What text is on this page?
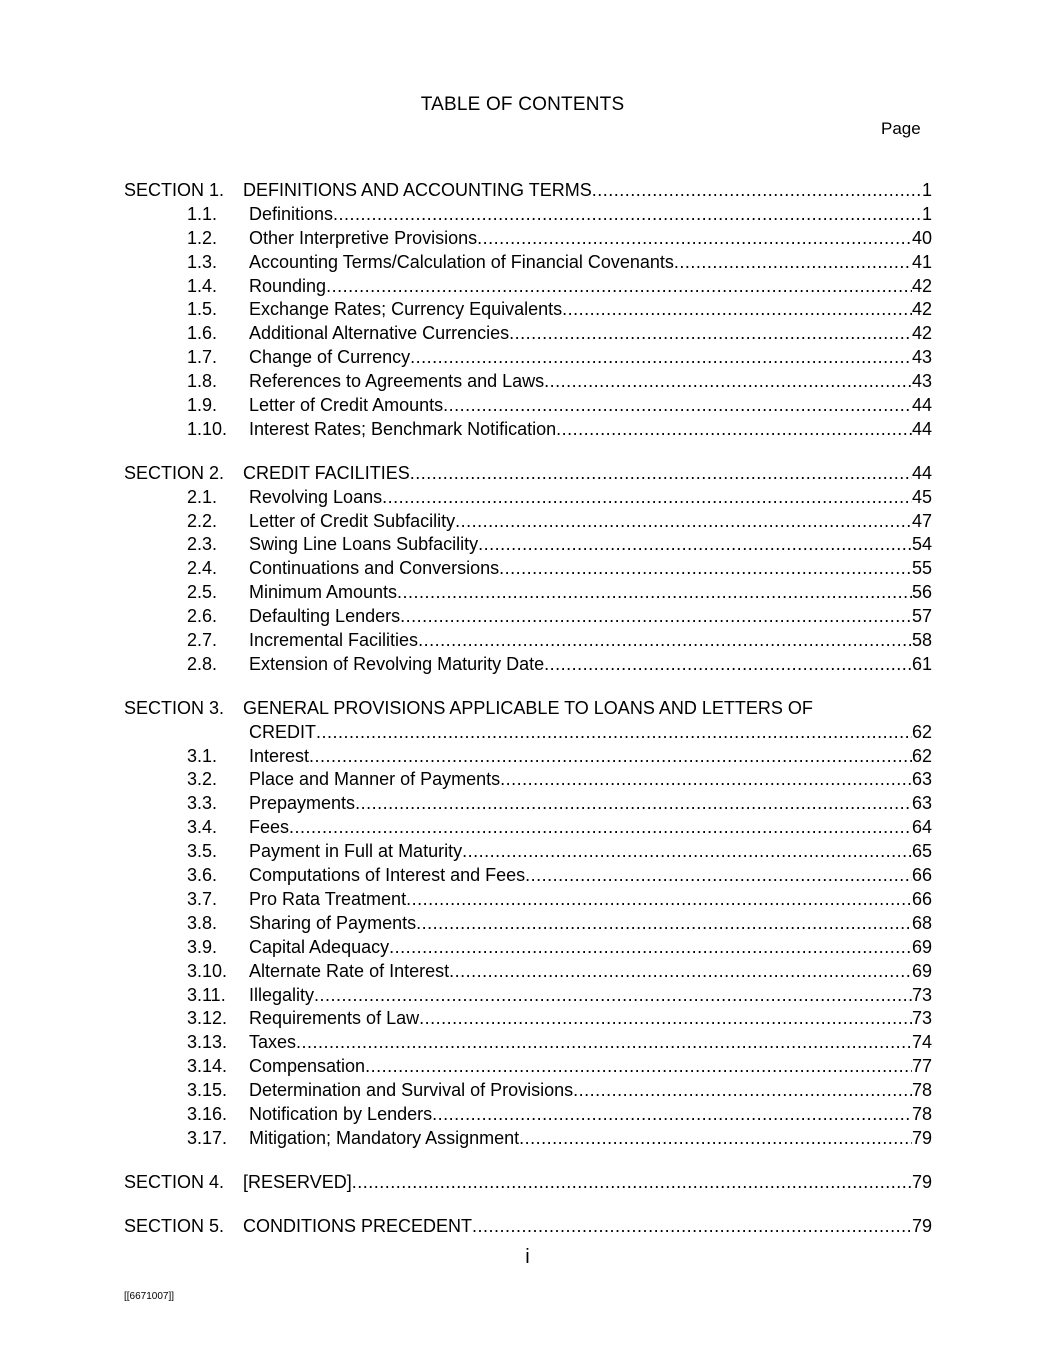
TABLE OF CONTENTS
Page
SECTION 1. DEFINITIONS AND ACCOUNTING TERMS .....	1
1.1. Definitions .....	1
1.2. Other Interpretive Provisions .....	40
1.3. Accounting Terms/Calculation of Financial Covenants .....	41
1.4. Rounding .....	42
1.5. Exchange Rates; Currency Equivalents .....	42
1.6. Additional Alternative Currencies .....	42
1.7. Change of Currency .....	43
1.8. References to Agreements and Laws .....	43
1.9. Letter of Credit Amounts .....	44
1.10. Interest Rates; Benchmark Notification .....	44
SECTION 2. CREDIT FACILITIES .....	44
2.1. Revolving Loans .....	45
2.2. Letter of Credit Subfacility .....	47
2.3. Swing Line Loans Subfacility .....	54
2.4. Continuations and Conversions .....	55
2.5. Minimum Amounts .....	56
2.6. Defaulting Lenders .....	57
2.7. Incremental Facilities .....	58
2.8. Extension of Revolving Maturity Date .....	61
SECTION 3. GENERAL PROVISIONS APPLICABLE TO LOANS AND LETTERS OF
CREDIT .....	62
3.1. Interest .....	62
3.2. Place and Manner of Payments .....	63
3.3. Prepayments .....	63
3.4. Fees .....	64
3.5. Payment in Full at Maturity .....	65
3.6. Computations of Interest and Fees .....	66
3.7. Pro Rata Treatment .....	66
3.8. Sharing of Payments .....	68
3.9. Capital Adequacy .....	69
3.10. Alternate Rate of Interest .....	69
3.11. Illegality .....	73
3.12. Requirements of Law .....	73
3.13. Taxes .....	74
3.14. Compensation .....	77
3.15. Determination and Survival of Provisions .....	78
3.16. Notification by Lenders .....	78
3.17. Mitigation; Mandatory Assignment .....	79
SECTION 4. [RESERVED] .....	79
SECTION 5. CONDITIONS PRECEDENT .....	79
i
[[6671007]]
